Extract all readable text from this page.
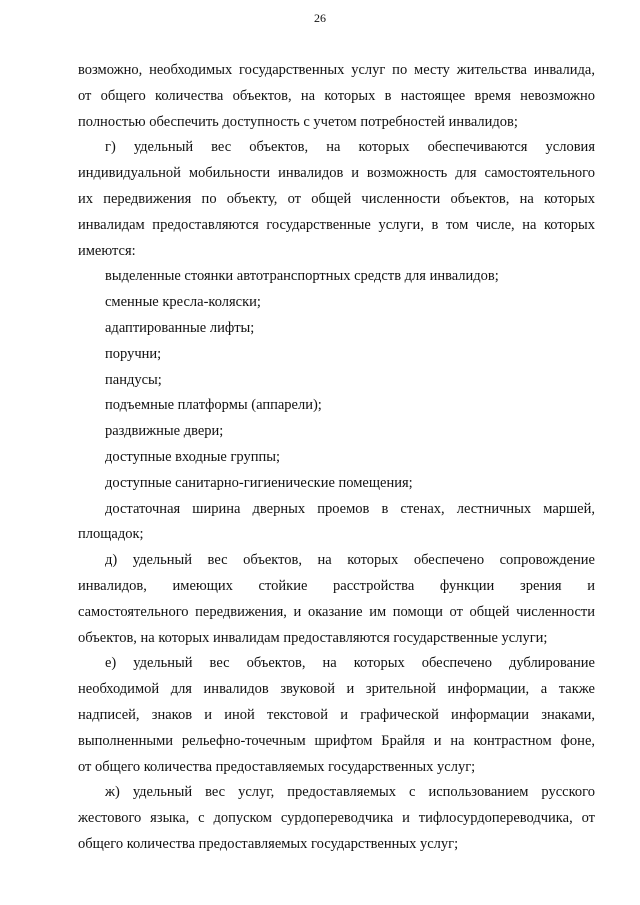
26
возможно, необходимых государственных услуг по месту жительства инвалида,
от общего количества объектов, на которых в настоящее время невозможно
полностью обеспечить доступность с учетом потребностей инвалидов;
г) удельный вес объектов, на которых обеспечиваются условия
индивидуальной мобильности инвалидов и возможность для самостоятельного
их передвижения по объекту, от общей численности объектов, на которых
инвалидам предоставляются государственные услуги, в том числе, на которых
имеются:
выделенные стоянки автотранспортных средств для инвалидов;
сменные кресла-коляски;
адаптированные лифты;
поручни;
пандусы;
подъемные платформы (аппарели);
раздвижные двери;
доступные входные группы;
доступные санитарно-гигиенические помещения;
достаточная ширина дверных проемов в стенах, лестничных маршей,
площадок;
д) удельный вес объектов, на которых обеспечено сопровождение
инвалидов, имеющих стойкие расстройства функции зрения и
самостоятельного передвижения, и оказание им помощи от общей численности
объектов, на которых инвалидам предоставляются государственные услуги;
е) удельный вес объектов, на которых обеспечено дублирование
необходимой для инвалидов звуковой и зрительной информации, а также
надписей, знаков и иной текстовой и графической информации знаками,
выполненными рельефно-точечным шрифтом Брайля и на контрастном фоне,
от общего количества предоставляемых государственных услуг;
ж) удельный вес услуг, предоставляемых с использованием русского
жестового языка, с допуском сурдопереводчика и тифлосурдопереводчика, от
общего количества предоставляемых государственных услуг;
